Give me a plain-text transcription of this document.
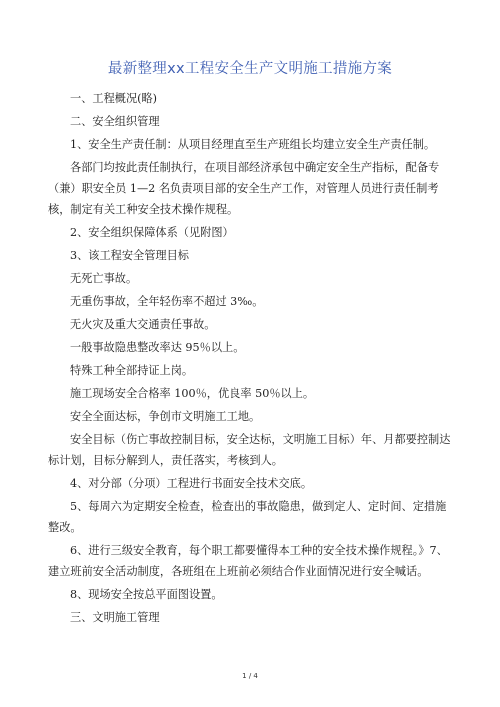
最新整理xx工程安全生产文明施工措施方案

一、工程概况(略)

二、安全组织管理

1、安全生产责任制：从项目经理直至生产班组长均建立安全生产责任制。

各部门均按此责任制执行，在项目部经济承包中确定安全生产指标，配备专（兼）职安全员 1—2 名负责项目部的安全生产工作，对管理人员进行责任制考核，制定有关工种安全技术操作规程。

2、安全组织保障体系（见附图）

3、该工程安全管理目标

无死亡事故。

无重伤事故，全年轻伤率不超过 3‰。

无火灾及重大交通责任事故。

一般事故隐患整改率达 95％以上。

特殊工种全部持证上岗。

施工现场安全合格率 100％，优良率 50％以上。

安全全面达标，争创市文明施工工地。

安全目标（伤亡事故控制目标，安全达标，文明施工目标）年、月都要控制达标计划，目标分解到人，责任落实，考核到人。

4、对分部（分项）工程进行书面安全技术交底。

5、每周六为定期安全检查，检查出的事故隐患，做到定人、定时间、定措施整改。

6、进行三级安全教育，每个职工都要懂得本工种的安全技术操作规程。》7、建立班前安全活动制度，各班组在上班前必须结合作业面情况进行安全喊话。

8、现场安全按总平面图设置。

三、文明施工管理

1 / 4
